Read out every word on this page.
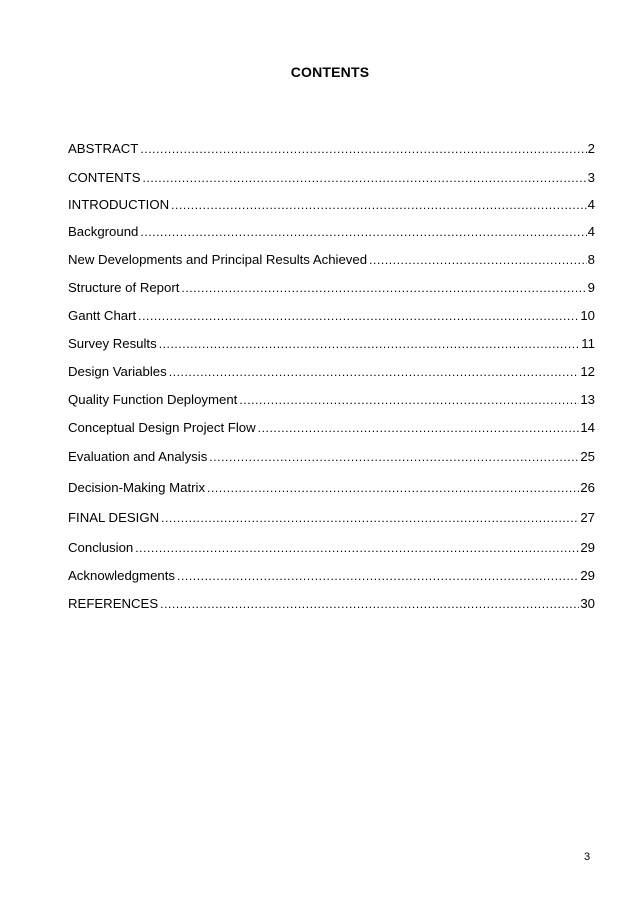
CONTENTS
ABSTRACT .....	2
CONTENTS .....	3
INTRODUCTION .....	4
Background .....	4
New Developments and Principal Results Achieved .....	8
Structure of Report .....	9
Gantt Chart .....	10
Survey Results .....	11
Design Variables .....	12
Quality Function Deployment .....	13
Conceptual Design Project Flow .....	14
Evaluation and Analysis .....	25
Decision-Making Matrix .....	26
FINAL DESIGN .....	27
Conclusion .....	29
Acknowledgments .....	29
REFERENCES .....	30
3
